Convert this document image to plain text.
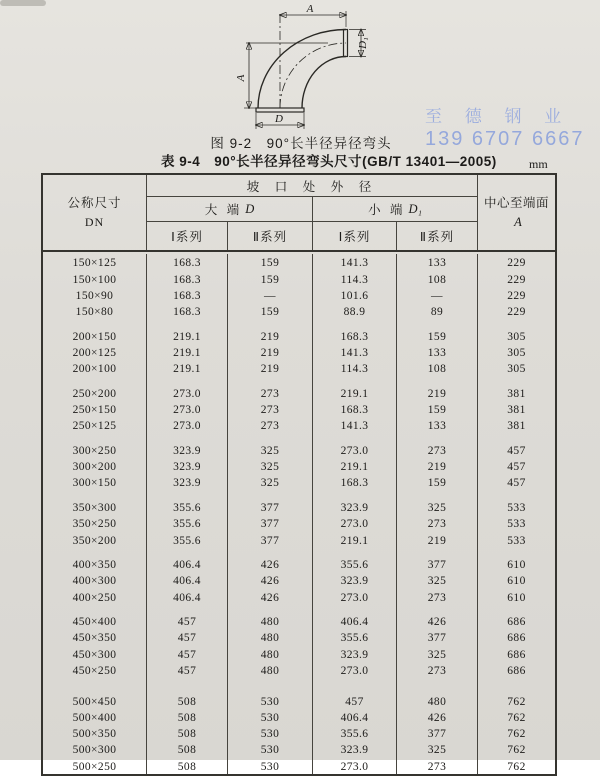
A
A
D
D₁
图 9-2　90°长半径异径弯头
至 德 钢 业
139 6707 6667
表 9-4　90°长半径异径弯头尺寸(GB/T 13401—2005)	mm
公称尺寸
DN
坡 口 处 外 径
大 端 D	小 端 D₁
Ⅰ系列	Ⅱ系列	Ⅰ系列	Ⅱ系列
中心至端面
A
150×125	168.3	159	141.3	133	229
150×100	168.3	159	114.3	108	229
150×90	168.3	—	101.6	—	229
150×80	168.3	159	88.9	89	229
200×150	219.1	219	168.3	159	305
200×125	219.1	219	141.3	133	305
200×100	219.1	219	114.3	108	305
250×200	273.0	273	219.1	219	381
250×150	273.0	273	168.3	159	381
250×125	273.0	273	141.3	133	381
300×250	323.9	325	273.0	273	457
300×200	323.9	325	219.1	219	457
300×150	323.9	325	168.3	159	457
350×300	355.6	377	323.9	325	533
350×250	355.6	377	273.0	273	533
350×200	355.6	377	219.1	219	533
400×350	406.4	426	355.6	377	610
400×300	406.4	426	323.9	325	610
400×250	406.4	426	273.0	273	610
450×400	457	480	406.4	426	686
450×350	457	480	355.6	377	686
450×300	457	480	323.9	325	686
450×250	457	480	273.0	273	686
500×450	508	530	457	480	762
500×400	508	530	406.4	426	762
500×350	508	530	355.6	377	762
500×300	508	530	323.9	325	762
500×250	508	530	273.0	273	762
